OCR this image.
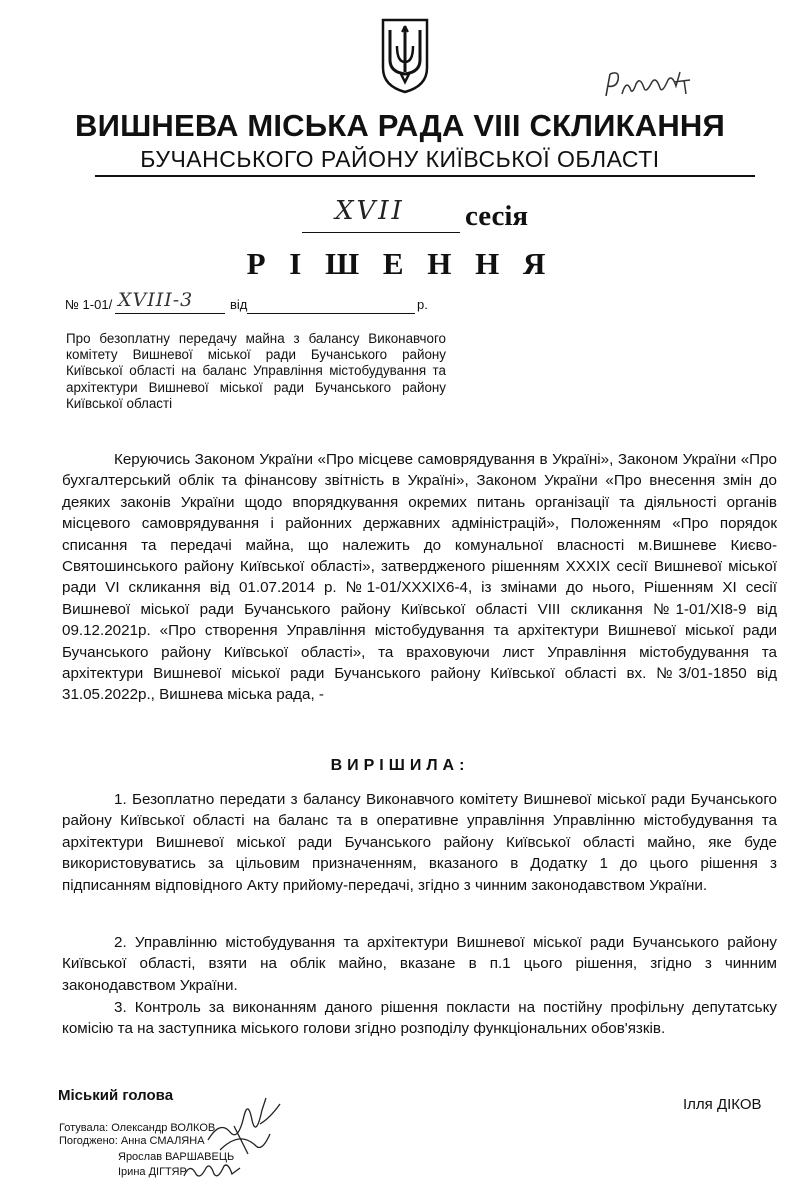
ВИШНЕВА МІСЬКА РАДА VIII СКЛИКАННЯ
БУЧАНСЬКОГО РАЙОНУ КИЇВСЬКОЇ ОБЛАСТІ
XVII сесія
Р І Ш Е Н Н Я
№ 1-01/	від	р.
XVIII-3
Про безоплатну передачу майна з балансу Виконавчого комітету Вишневої міської ради Бучанського району Київської області на баланс Управління містобудування та архітектури Вишневої міської ради Бучанського району Київської області
Керуючись Законом України «Про місцеве самоврядування в Україні», Законом України «Про бухгалтерський облік та фінансову звітність в Україні», Законом України «Про внесення змін до деяких законів України щодо впорядкування окремих питань організації та діяльності органів місцевого самоврядування і районних державних адміністрацій», Положенням «Про порядок списання та передачі майна, що належить до комунальної власності м.Вишневе Києво-Святошинського району Київської області», затвердженого рішенням XXXIX сесії Вишневої міської ради VI скликання від 01.07.2014 р. №1-01/XXXIX6-4, із змінами до нього, Рішенням XI сесії Вишневої міської ради Бучанського району Київської області VIII скликання №1-01/XI8-9 від 09.12.2021р. «Про створення Управління містобудування та архітектури Вишневої міської ради Бучанського району Київської області», та враховуючи лист Управління містобудування та архітектури Вишневої міської ради Бучанського району Київської області вх. №3/01-1850 від 31.05.2022р., Вишнева міська рада, -
ВИРІШИЛА:
1. Безоплатно передати з балансу Виконавчого комітету Вишневої міської ради Бучанського району Київської області на баланс та в оперативне управління Управлінню містобудування та архітектури Вишневої міської ради Бучанського району Київської області майно, яке буде використовуватись за цільовим призначенням, вказаного в Додатку 1 до цього рішення з підписанням відповідного Акту прийому-передачі, згідно з чинним законодавством України.
2. Управлінню містобудування та архітектури Вишневої міської ради Бучанського району Київської області, взяти на облік майно, вказане в п.1 цього рішення, згідно з чинним законодавством України.
3. Контроль за виконанням даного рішення покласти на постійну профільну депутатську комісію та на заступника міського голови згідно розподілу функціональних обов'язків.
Міський голова
Ілля ДІКОВ
Готувала: Олександр ВОЛКОВ
Погоджено: Анна СМАЛЯНА
Ярослав ВАРШАВЕЦЬ
Ірина ДІГТЯР
